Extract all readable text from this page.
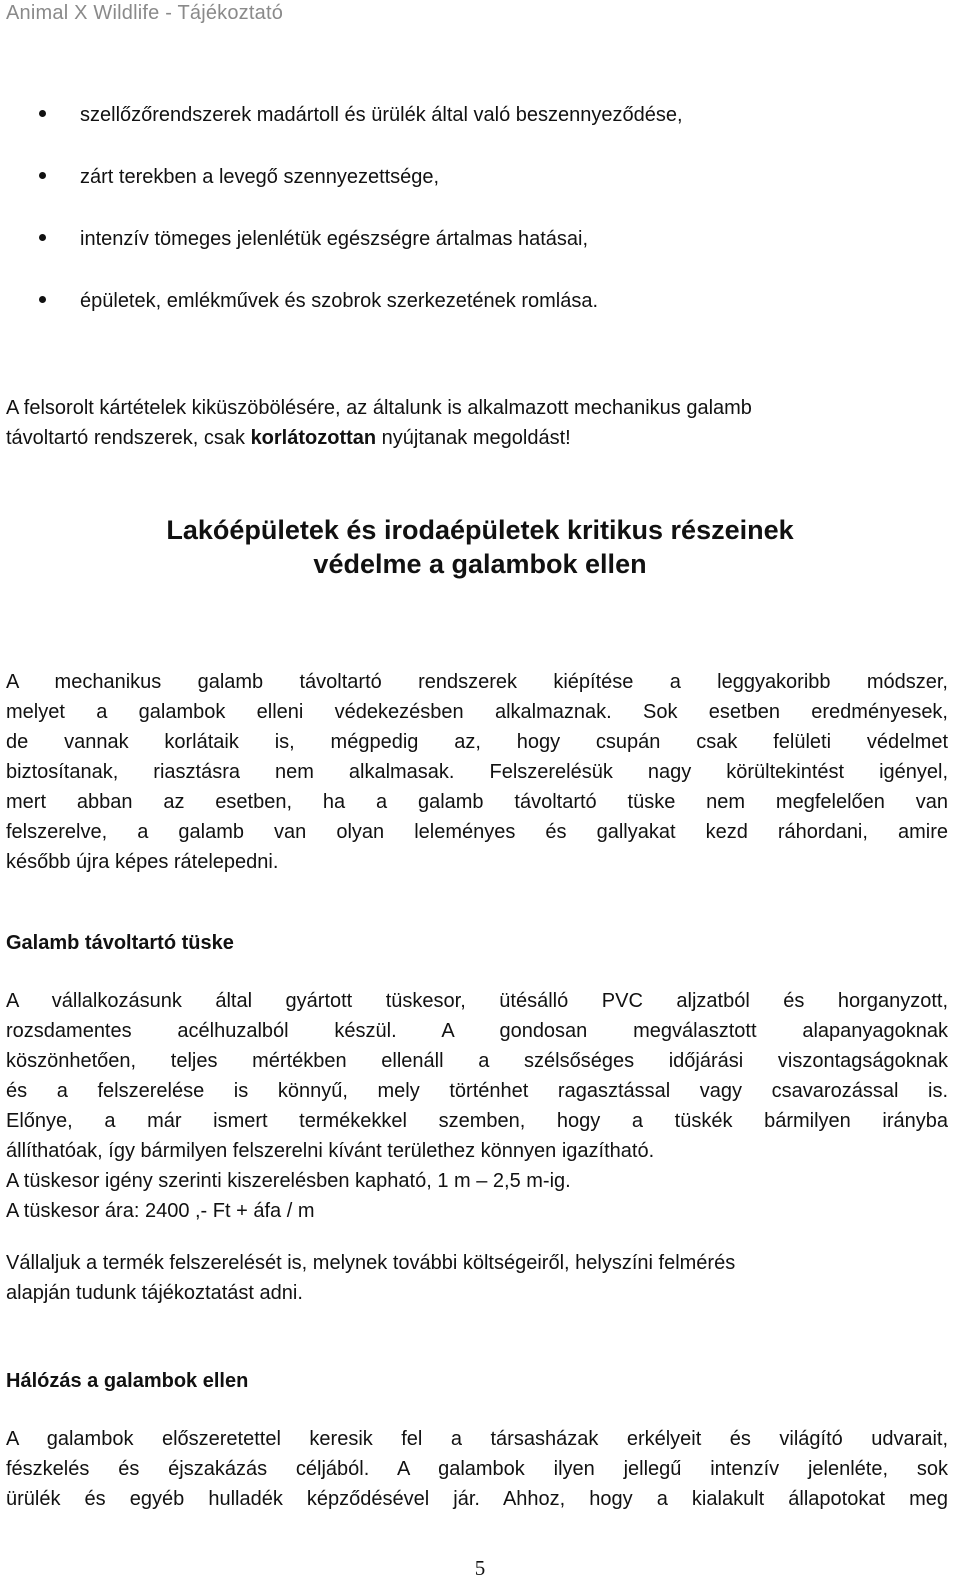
Animal X Wildlife - Tájékoztató
szellőzőrendszerek madártoll és ürülék által való beszennyeződése,
zárt terekben a levegő szennyezettsége,
intenzív tömeges jelenlétük egészségre ártalmas hatásai,
épületek, emlékművek és szobrok szerkezetének romlása.

A felsorolt kártételek kiküszöbölésére, az általunk is alkalmazott mechanikus galamb
távoltartó rendszerek, csak korlátozottan nyújtanak megoldást!

Lakóépületek és irodaépületek kritikus részeinek
védelme a galambok ellen

A mechanikus galamb távoltartó rendszerek kiépítése a leggyakoribb módszer,
melyet a galambok elleni védekezésben alkalmaznak. Sok esetben eredményesek,
de vannak korlátaik is, mégpedig az, hogy csupán csak felületi védelmet
biztosítanak, riasztásra nem alkalmasak. Felszerelésük nagy körültekintést igényel,
mert abban az esetben, ha a galamb távoltartó tüske nem megfelelően van
felszerelve, a galamb van olyan leleményes és gallyakat kezd ráhordani, amire
később újra képes rátelepedni.

Galamb távoltartó tüske

A vállalkozásunk által gyártott tüskesor, ütésálló PVC aljzatból és horganyzott,
rozsdamentes acélhuzalból készül. A gondosan megválasztott alapanyagoknak
köszönhetően, teljes mértékben ellenáll a szélsőséges időjárási viszontagságoknak
és a felszerelése is könnyű, mely történhet ragasztással vagy csavarozással is.
Előnye, a már ismert termékekkel szemben, hogy a tüskék bármilyen irányba
állíthatóak, így bármilyen felszerelni kívánt területhez könnyen igazítható.
A tüskesor igény szerinti kiszerelésben kapható, 1 m – 2,5 m-ig.
A tüskesor ára: 2400 ,- Ft + áfa / m

Vállaljuk a termék felszerelését is, melynek további költségeiről, helyszíni felmérés
alapján tudunk tájékoztatást adni.

Hálózás a galambok ellen

A galambok előszeretettel keresik fel a társasházak erkélyeit és világító udvarait,
fészkelés és éjszakázás céljából. A galambok ilyen jellegű intenzív jelenléte, sok
ürülék és egyéb hulladék képződésével jár. Ahhoz, hogy a kialakult állapotokat meg

5
